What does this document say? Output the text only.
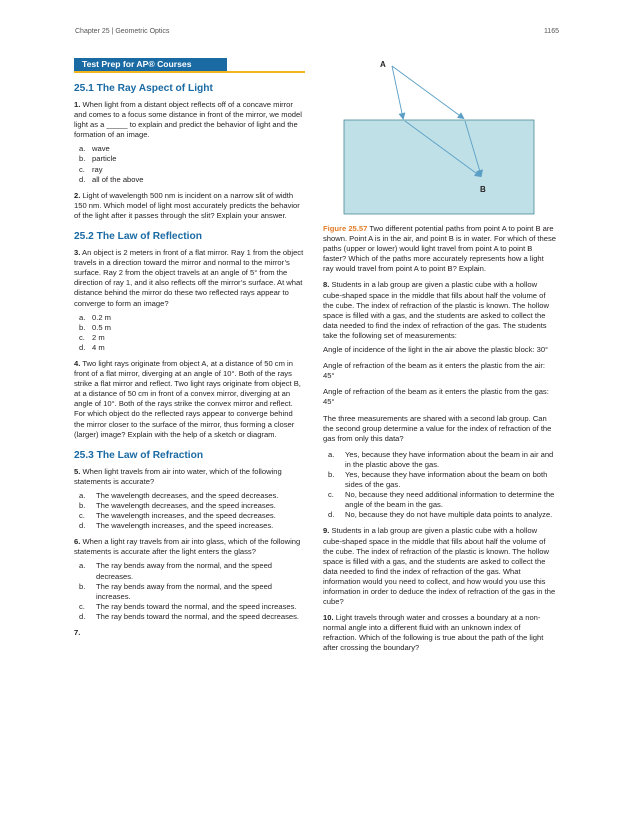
Chapter 25 | Geometric Optics	1165
Test Prep for AP® Courses
25.1 The Ray Aspect of Light
1. When light from a distant object reflects off of a concave mirror and comes to a focus some distance in front of the mirror, we model light as a _____ to explain and predict the behavior of light and the formation of an image.
a. wave
b. particle
c. ray
d. all of the above
2. Light of wavelength 500 nm is incident on a narrow slit of width 150 nm. Which model of light most accurately predicts the behavior of the light after it passes through the slit? Explain your answer.
25.2 The Law of Reflection
3. An object is 2 meters in front of a flat mirror. Ray 1 from the object travels in a direction toward the mirror and normal to the mirror’s surface. Ray 2 from the object travels at an angle of 5° from the direction of ray 1, and it also reflects off the mirror’s surface. At what distance behind the mirror do these two reflected rays appear to converge to form an image?
a. 0.2 m
b. 0.5 m
c. 2 m
d. 4 m
4. Two light rays originate from object A, at a distance of 50 cm in front of a flat mirror, diverging at an angle of 10°. Both of the rays strike a flat mirror and reflect. Two light rays originate from object B, at a distance of 50 cm in front of a convex mirror, diverging at an angle of 10°. Both of the rays strike the convex mirror and reflect. For which object do the reflected rays appear to converge behind the mirror closer to the surface of the mirror, thus forming a closer (larger) image? Explain with the help of a sketch or diagram.
25.3 The Law of Refraction
5. When light travels from air into water, which of the following statements is accurate?
a.	The wavelength decreases, and the speed decreases.
b.	The wavelength decreases, and the speed increases.
c.	The wavelength increases, and the speed decreases.
d.	The wavelength increases, and the speed increases.
6. When a light ray travels from air into glass, which of the following statements is accurate after the light enters the glass?
a.	The ray bends away from the normal, and the speed decreases.
b.	The ray bends away from the normal, and the speed increases.
c.	The ray bends toward the normal, and the speed increases.
d.	The ray bends toward the normal, and the speed decreases.
7.
A
B
Figure 25.57 Two different potential paths from point A to point B are shown. Point A is in the air, and point B is in water. For which of these paths (upper or lower) would light travel from point A to point B faster? Which of the paths more accurately represents how a light ray would travel from point A to point B? Explain.
8. Students in a lab group are given a plastic cube with a hollow cube-shaped space in the middle that fills about half the volume of the cube. The index of refraction of the plastic is known. The hollow space is filled with a gas, and the students are asked to collect the data needed to find the index of refraction of the gas. The students take the following set of measurements:
Angle of incidence of the light in the air above the plastic block: 30°
Angle of refraction of the beam as it enters the plastic from the air: 45°
Angle of refraction of the beam as it enters the plastic from the gas: 45°
The three measurements are shared with a second lab group. Can the second group determine a value for the index of refraction of the gas from only this data?
a.	Yes, because they have information about the beam in air and in the plastic above the gas.
b.	Yes, because they have information about the beam on both sides of the gas.
c.	No, because they need additional information to determine the angle of the beam in the gas.
d.	No, because they do not have multiple data points to analyze.
9. Students in a lab group are given a plastic cube with a hollow cube-shaped space in the middle that fills about half the volume of the cube. The index of refraction of the plastic is known. The hollow space is filled with a gas, and the students are asked to collect the data needed to find the index of refraction of the gas. What information would you need to collect, and how would you use this information in order to deduce the index of refraction of the gas in the cube?
10. Light travels through water and crosses a boundary at a non-normal angle into a different fluid with an unknown index of refraction. Which of the following is true about the path of the light after crossing the boundary?
